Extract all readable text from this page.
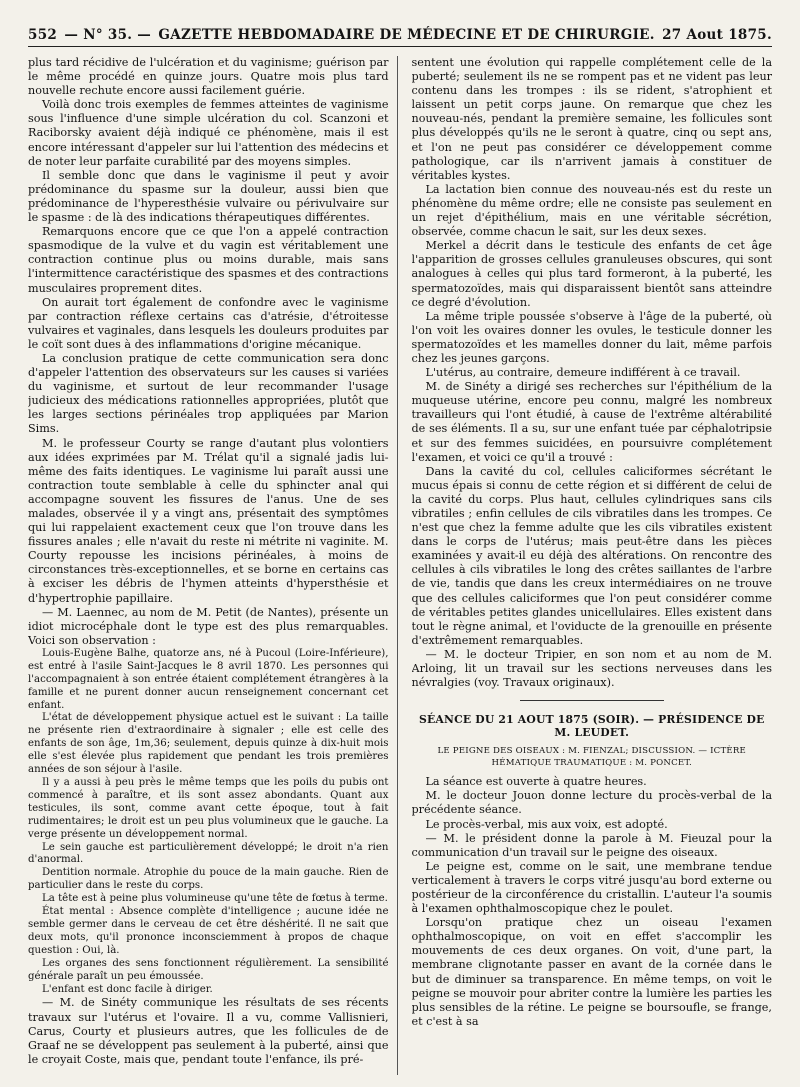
552 — N° 35. — GAZETTE HEBDOMADAIRE DE MÉDECINE ET DE CHIRURGIE. 27 Aout 1875.

plus tard récidive de l'ulcération et du vaginisme; guérison par le même procédé en quinze jours. Quatre mois plus tard nouvelle rechute encore aussi facilement guérie.

Voilà donc trois exemples de femmes atteintes de vaginisme sous l'influence d'une simple ulcération du col. Scanzoni et Raciborsky avaient déjà indiqué ce phénomène, mais il est encore intéressant d'appeler sur lui l'attention des médecins et de noter leur parfaite curabilité par des moyens simples.

Il semble donc que dans le vaginisme il peut y avoir prédominance du spasme sur la douleur, aussi bien que prédominance de l'hyperesthésie vulvaire ou périvulvaire sur le spasme : de là des indications thérapeutiques différentes.

Remarquons encore que ce que l'on a appelé contraction spasmodique de la vulve et du vagin est véritablement une contraction continue plus ou moins durable, mais sans l'intermittence caractéristique des spasmes et des contractions musculaires proprement dites.

On aurait tort également de confondre avec le vaginisme par contraction réflexe certains cas d'atrésie, d'étroitesse vulvaires et vaginales, dans lesquels les douleurs produites par le coït sont dues à des inflammations d'origine mécanique.

La conclusion pratique de cette communication sera donc d'appeler l'attention des observateurs sur les causes si variées du vaginisme, et surtout de leur recommander l'usage judicieux des médications rationnelles appropriées, plutôt que les larges sections périnéales trop appliquées par Marion Sims.

M. le professeur Courty se range d'autant plus volontiers aux idées exprimées par M. Trélat qu'il a signalé jadis lui-même des faits identiques. Le vaginisme lui paraît aussi une contraction toute semblable à celle du sphincter anal qui accompagne souvent les fissures de l'anus. Une de ses malades, observée il y a vingt ans, présentait des symptômes qui lui rappelaient exactement ceux que l'on trouve dans les fissures anales ; elle n'avait du reste ni métrite ni vaginite. M. Courty repousse les incisions périnéales, à moins de circonstances très-exceptionnelles, et se borne en certains cas à exciser les débris de l'hymen atteints d'hypersthésie et d'hypertrophie papillaire.

— M. Laennec, au nom de M. Petit (de Nantes), présente un idiot microcéphale dont le type est des plus remarquables. Voici son observation :

Louis-Eugène Balhe, quatorze ans, né à Pucoul (Loire-Inférieure), est entré à l'asile Saint-Jacques le 8 avril 1870. Les personnes qui l'accompagnaient à son entrée étaient complétement étrangères à la famille et ne purent donner aucun renseignement concernant cet enfant.

L'état de développement physique actuel est le suivant : La taille ne présente rien d'extraordinaire à signaler ; elle est celle des enfants de son âge, 1m,36; seulement, depuis quinze à dix-huit mois elle s'est élevée plus rapidement que pendant les trois premières années de son séjour à l'asile.

Il y a aussi à peu près le même temps que les poils du pubis ont commencé à paraître, et ils sont assez abondants. Quant aux testicules, ils sont, comme avant cette époque, tout à fait rudimentaires; le droit est un peu plus volumineux que le gauche. La verge présente un développement normal.

Le sein gauche est particulièrement développé; le droit n'a rien d'anormal.

Dentition normale. Atrophie du pouce de la main gauche. Rien de particulier dans le reste du corps.

La tête est à peine plus volumineuse qu'une tête de fœtus à terme.

État mental : Absence complète d'intelligence ; aucune idée ne semble germer dans le cerveau de cet être déshérité. Il ne sait que deux mots, qu'il prononce inconsciemment à propos de chaque question : Oui, là.

Les organes des sens fonctionnent régulièrement. La sensibilité générale paraît un peu émoussée.

L'enfant est donc facile à diriger.

— M. de Sinéty communique les résultats de ses récents travaux sur l'utérus et l'ovaire. Il a vu, comme Vallisnieri, Carus, Courty et plusieurs autres, que les follicules de de Graaf ne se développent pas seulement à la puberté, ainsi que le croyait Coste, mais que, pendant toute l'enfance, ils pré-

sentent une évolution qui rappelle complétement celle de la puberté; seulement ils ne se rompent pas et ne vident pas leur contenu dans les trompes : ils se rident, s'atrophient et laissent un petit corps jaune. On remarque que chez les nouveau-nés, pendant la première semaine, les follicules sont plus développés qu'ils ne le seront à quatre, cinq ou sept ans, et l'on ne peut pas considérer ce développement comme pathologique, car ils n'arrivent jamais à constituer de véritables kystes.

La lactation bien connue des nouveau-nés est du reste un phénomène du même ordre; elle ne consiste pas seulement en un rejet d'épithélium, mais en une véritable sécrétion, observée, comme chacun le sait, sur les deux sexes.

Merkel a décrit dans le testicule des enfants de cet âge l'apparition de grosses cellules granuleuses obscures, qui sont analogues à celles qui plus tard formeront, à la puberté, les spermatozoïdes, mais qui disparaissent bientôt sans atteindre ce degré d'évolution.

La même triple poussée s'observe à l'âge de la puberté, où l'on voit les ovaires donner les ovules, le testicule donner les spermatozoïdes et les mamelles donner du lait, même parfois chez les jeunes garçons.

L'utérus, au contraire, demeure indifférent à ce travail.

M. de Sinéty a dirigé ses recherches sur l'épithélium de la muqueuse utérine, encore peu connu, malgré les nombreux travailleurs qui l'ont étudié, à cause de l'extrême altérabilité de ses éléments. Il a su, sur une enfant tuée par céphalotripsie et sur des femmes suicidées, en poursuivre complétement l'examen, et voici ce qu'il a trouvé :

Dans la cavité du col, cellules caliciformes sécrétant le mucus épais si connu de cette région et si différent de celui de la cavité du corps. Plus haut, cellules cylindriques sans cils vibratiles ; enfin cellules de cils vibratiles dans les trompes. Ce n'est que chez la femme adulte que les cils vibratiles existent dans le corps de l'utérus; mais peut-être dans les pièces examinées y avait-il eu déjà des altérations. On rencontre des cellules à cils vibratiles le long des crêtes saillantes de l'arbre de vie, tandis que dans les creux intermédiaires on ne trouve que des cellules caliciformes que l'on peut considérer comme de véritables petites glandes unicellulaires. Elles existent dans tout le règne animal, et l'oviducte de la grenouille en présente d'extrêmement remarquables.

— M. le docteur Tripier, en son nom et au nom de M. Arloing, lit un travail sur les sections nerveuses dans les névralgies (voy. Travaux originaux).

SÉANCE DU 21 AOUT 1875 (SOIR). — PRÉSIDENCE DE M. LEUDET.
LE PEIGNE DES OISEAUX : M. FIENZAL; DISCUSSION. — ICTÈRE HÉMATIQUE TRAUMATIQUE : M. PONCET.

La séance est ouverte à quatre heures.

M. le docteur Jouon donne lecture du procès-verbal de la précédente séance.

Le procès-verbal, mis aux voix, est adopté.

— M. le président donne la parole à M. Fieuzal pour la communication d'un travail sur le peigne des oiseaux.

Le peigne est, comme on le sait, une membrane tendue verticalement à travers le corps vitré jusqu'au bord externe ou postérieur de la circonférence du cristallin. L'auteur l'a soumis à l'examen ophthalmoscopique chez le poulet.

Lorsqu'on pratique chez un oiseau l'examen ophthalmoscopique, on voit en effet s'accomplir les mouvements de ces deux organes. On voit, d'une part, la membrane clignotante passer en avant de la cornée dans le but de diminuer sa transparence. En même temps, on voit le peigne se mouvoir pour abriter contre la lumière les parties les plus sensibles de la rétine. Le peigne se boursoufle, se frange, et c'est à sa
